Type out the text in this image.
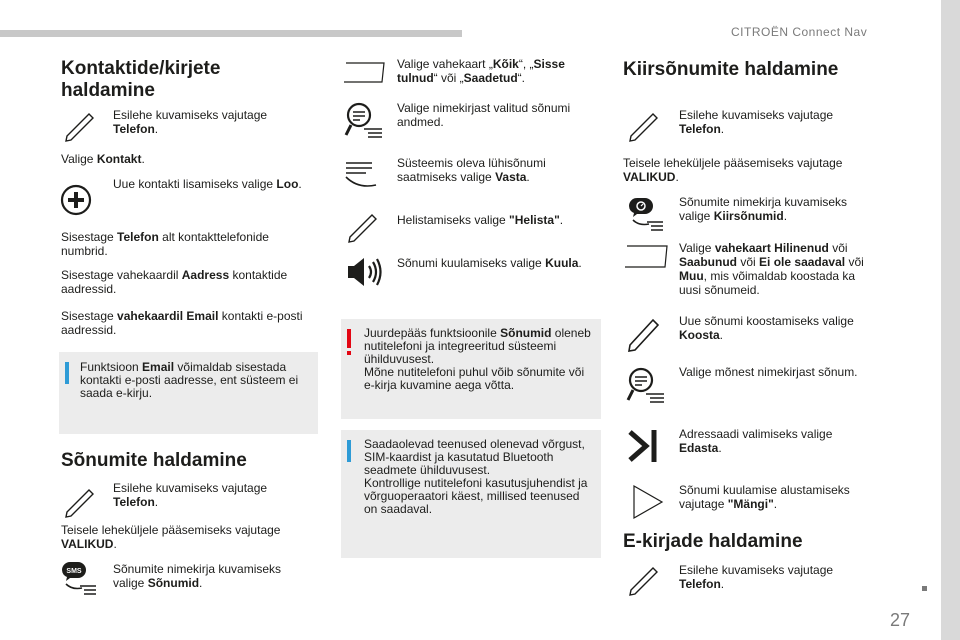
CITROËN Connect Nav
27
Kontaktide/kirjete haldamine
Esilehe kuvamiseks vajutage Telefon.
Valige Kontakt.
Uue kontakti lisamiseks valige Loo.
Sisestage Telefon alt kontakttelefonide numbrid.
Sisestage vahekaardil Aadress kontaktide aadressid.
Sisestage vahekaardil Email kontakti e-posti aadressid.
Funktsioon Email võimaldab sisestada kontakti e-posti aadresse, ent süsteem ei saada e-kirju.
Sõnumite haldamine
Esilehe kuvamiseks vajutage Telefon.
Teisele leheküljele pääsemiseks vajutage VALIKUD.
SMS	Sõnumite nimekirja kuvamiseks valige Sõnumid.
Valige vahekaart „Kõik“, „Sisse tulnud“ või „Saadetud“.
Valige nimekirjast valitud sõnumi andmed.
Süsteemis oleva lühisõnumi saatmiseks valige Vasta.
Helistamiseks valige "Helista".
Sõnumi kuulamiseks valige Kuula.
Juurdepääs funktsioonile Sõnumid oleneb nutitelefoni ja integreeritud süsteemi ühilduvusest.
Mõne nutitelefoni puhul võib sõnumite või e-kirja kuvamine aega võtta.
Saadaolevad teenused olenevad võrgust, SIM-kaardist ja kasutatud Bluetooth seadmete ühilduvusest.
Kontrollige nutitelefoni kasutusjuhendist ja võrguoperaatori käest, millised teenused on saadaval.
Kiirsõnumite haldamine
Esilehe kuvamiseks vajutage Telefon.
Teisele leheküljele pääsemiseks vajutage VALIKUD.
Sõnumite nimekirja kuvamiseks valige Kiirsõnumid.
Valige vahekaart Hilinenud või Saabunud või Ei ole saadaval või Muu, mis võimaldab koostada ka uusi sõnumeid.
Uue sõnumi koostamiseks valige Koosta.
Valige mõnest nimekirjast sõnum.
Adressaadi valimiseks valige Edasta.
Sõnumi kuulamise alustamiseks vajutage "Mängi".
E-kirjade haldamine
Esilehe kuvamiseks vajutage Telefon.
